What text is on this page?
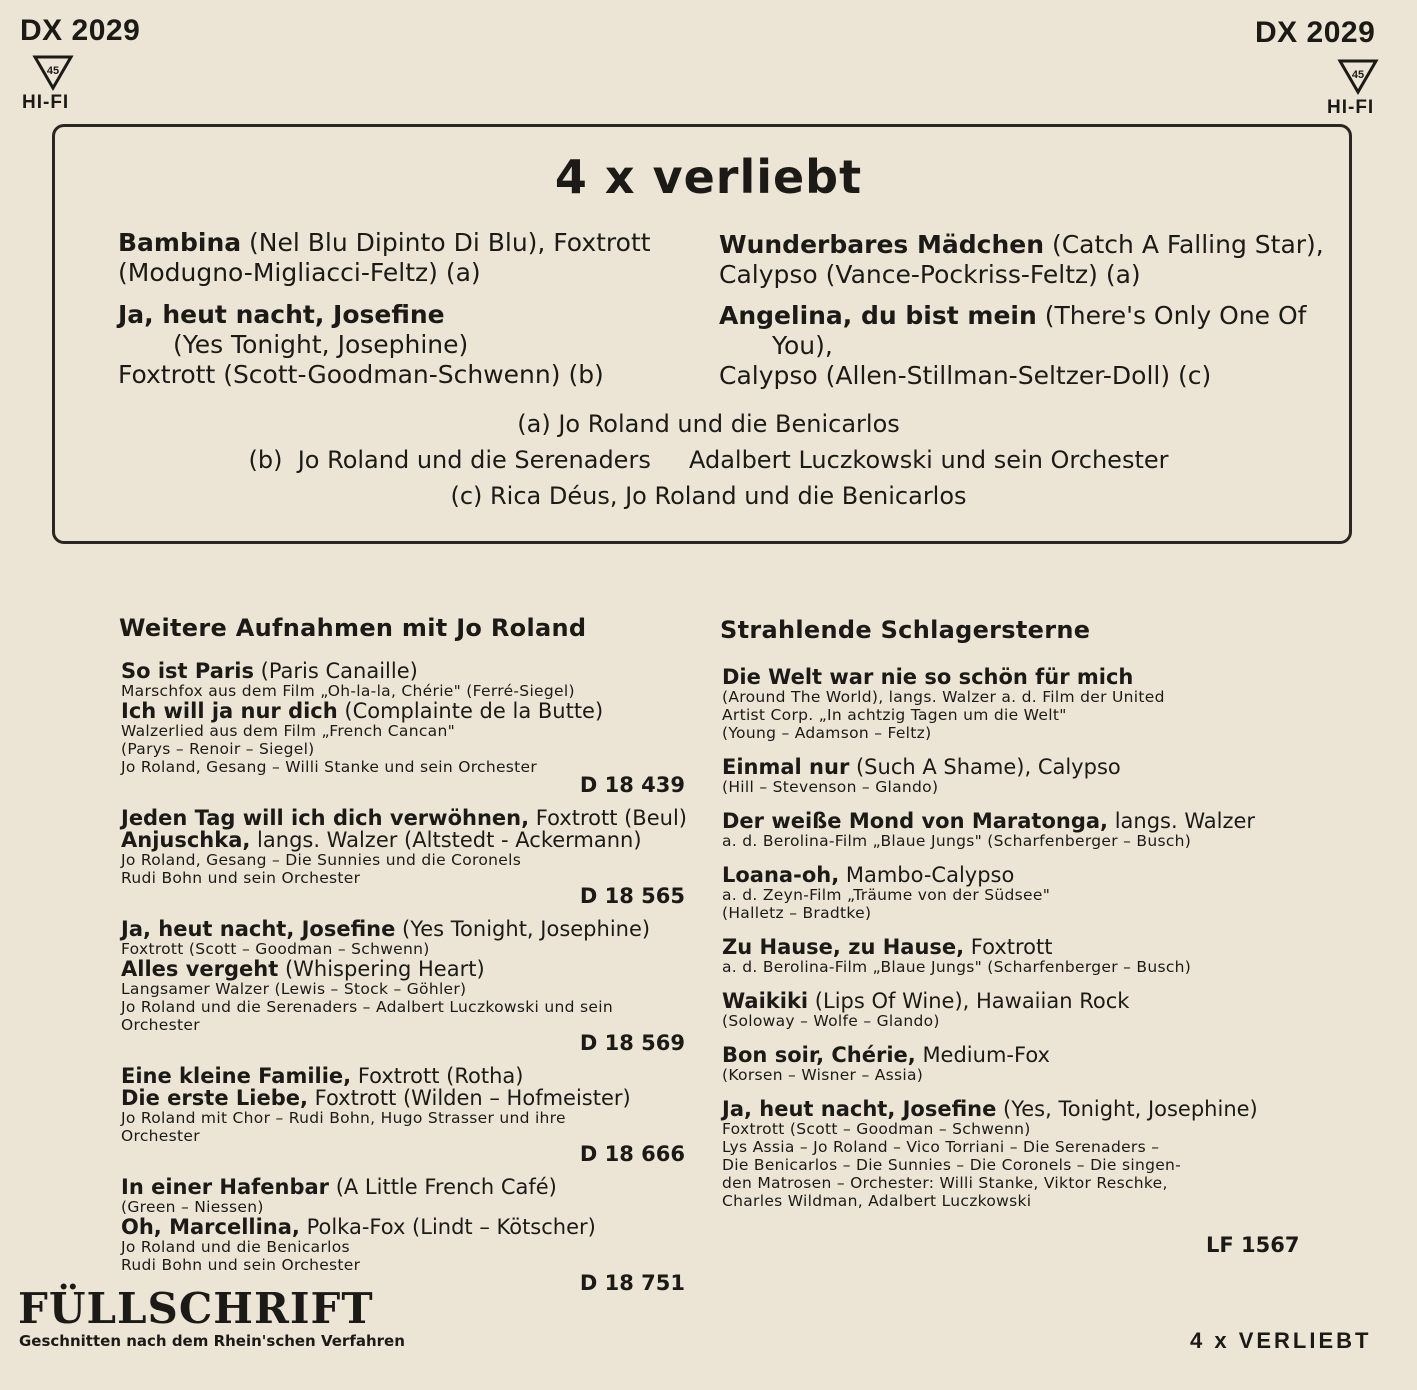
DX 2029
45
HI-FI
DX 2029
45
HI-FI
4 x verliebt
Bambina (Nel Blu Dipinto Di Blu), Foxtrott
(Modugno-Migliacci-Feltz) (a)
Ja, heut nacht, Josefine
(Yes Tonight, Josephine)
Foxtrott (Scott-Goodman-Schwenn) (b)
Wunderbares Mädchen (Catch A Falling Star),
Calypso (Vance-Pockriss-Feltz) (a)
Angelina, du bist mein (There's Only One Of
You),
Calypso (Allen-Stillman-Seltzer-Doll) (c)
(a) Jo Roland und die Benicarlos
(b)  Jo Roland und die Serenaders     Adalbert Luczkowski und sein Orchester
(c) Rica Déus, Jo Roland und die Benicarlos
Weitere Aufnahmen mit Jo Roland
So ist Paris (Paris Canaille)
Marschfox aus dem Film „Oh-la-la, Chérie" (Ferré-Siegel)
Ich will ja nur dich (Complainte de la Butte)
Walzerlied aus dem Film „French Cancan"
(Parys – Renoir – Siegel)
Jo Roland, Gesang – Willi Stanke und sein Orchester
D 18 439
Jeden Tag will ich dich verwöhnen, Foxtrott (Beul)
Anjuschka, langs. Walzer (Altstedt - Ackermann)
Jo Roland, Gesang – Die Sunnies und die Coronels
Rudi Bohn und sein Orchester
D 18 565
Ja, heut nacht, Josefine (Yes Tonight, Josephine)
Foxtrott (Scott – Goodman – Schwenn)
Alles vergeht (Whispering Heart)
Langsamer Walzer (Lewis – Stock – Göhler)
Jo Roland und die Serenaders – Adalbert Luczkowski und sein
Orchester
D 18 569
Eine kleine Familie, Foxtrott (Rotha)
Die erste Liebe, Foxtrott (Wilden – Hofmeister)
Jo Roland mit Chor – Rudi Bohn, Hugo Strasser und ihre
Orchester
D 18 666
In einer Hafenbar (A Little French Café)
(Green – Niessen)
Oh, Marcellina, Polka-Fox (Lindt – Kötscher)
Jo Roland und die Benicarlos
Rudi Bohn und sein Orchester
D 18 751
Strahlende Schlagersterne
Die Welt war nie so schön für mich
(Around The World), langs. Walzer a. d. Film der United
Artist Corp. „In achtzig Tagen um die Welt"
(Young – Adamson – Feltz)
Einmal nur (Such A Shame), Calypso
(Hill – Stevenson – Glando)
Der weiße Mond von Maratonga, langs. Walzer
a. d. Berolina-Film „Blaue Jungs" (Scharfenberger – Busch)
Loana-oh, Mambo-Calypso
a. d. Zeyn-Film „Träume von der Südsee"
(Halletz – Bradtke)
Zu Hause, zu Hause, Foxtrott
a. d. Berolina-Film „Blaue Jungs" (Scharfenberger – Busch)
Waikiki (Lips Of Wine), Hawaiian Rock
(Soloway – Wolfe – Glando)
Bon soir, Chérie, Medium-Fox
(Korsen – Wisner – Assia)
Ja, heut nacht, Josefine (Yes, Tonight, Josephine)
Foxtrott (Scott – Goodman – Schwenn)
Lys Assia – Jo Roland – Vico Torriani – Die Serenaders –
Die Benicarlos – Die Sunnies – Die Coronels – Die singen-
den Matrosen – Orchester: Willi Stanke, Viktor Reschke,
Charles Wildman, Adalbert Luczkowski
LF 1567
FÜLLSCHRIFT
Geschnitten nach dem Rhein'schen Verfahren	4 x VERLIEBT
